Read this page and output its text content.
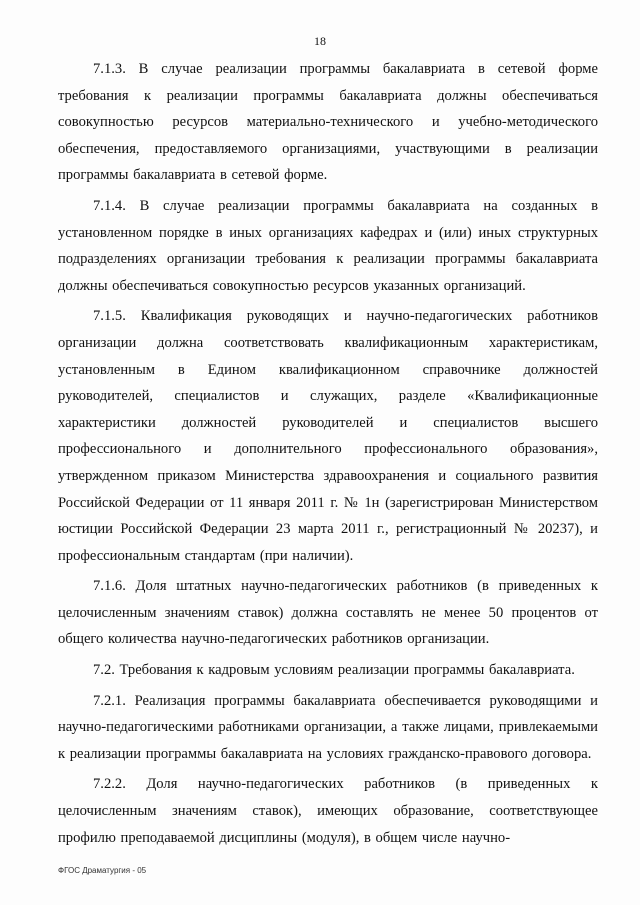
18

7.1.3. В случае реализации программы бакалавриата в сетевой форме требования к реализации программы бакалавриата должны обеспечиваться совокупностью ресурсов материально-технического и учебно-методического обеспечения, предоставляемого организациями, участвующими в реализации программы бакалавриата в сетевой форме.

7.1.4. В случае реализации программы бакалавриата на созданных в установленном порядке в иных организациях кафедрах и (или) иных структурных подразделениях организации требования к реализации программы бакалавриата должны обеспечиваться совокупностью ресурсов указанных организаций.

7.1.5. Квалификация руководящих и научно-педагогических работников организации должна соответствовать квалификационным характеристикам, установленным в Едином квалификационном справочнике должностей руководителей, специалистов и служащих, разделе «Квалификационные характеристики должностей руководителей и специалистов высшего профессионального и дополнительного профессионального образования», утвержденном приказом Министерства здравоохранения и социального развития Российской Федерации от 11 января 2011 г. № 1н (зарегистрирован Министерством юстиции Российской Федерации 23 марта 2011 г., регистрационный № 20237), и профессиональным стандартам (при наличии).

7.1.6. Доля штатных научно-педагогических работников (в приведенных к целочисленным значениям ставок) должна составлять не менее 50 процентов от общего количества научно-педагогических работников организации.

7.2. Требования к кадровым условиям реализации программы бакалавриата.

7.2.1. Реализация программы бакалавриата обеспечивается руководящими и научно-педагогическими работниками организации, а также лицами, привлекаемыми к реализации программы бакалавриата на условиях гражданско-правового договора.

7.2.2. Доля научно-педагогических работников (в приведенных к целочисленным значениям ставок), имеющих образование, соответствующее профилю преподаваемой дисциплины (модуля), в общем числе научно-

ФГОС Драматургия - 05
